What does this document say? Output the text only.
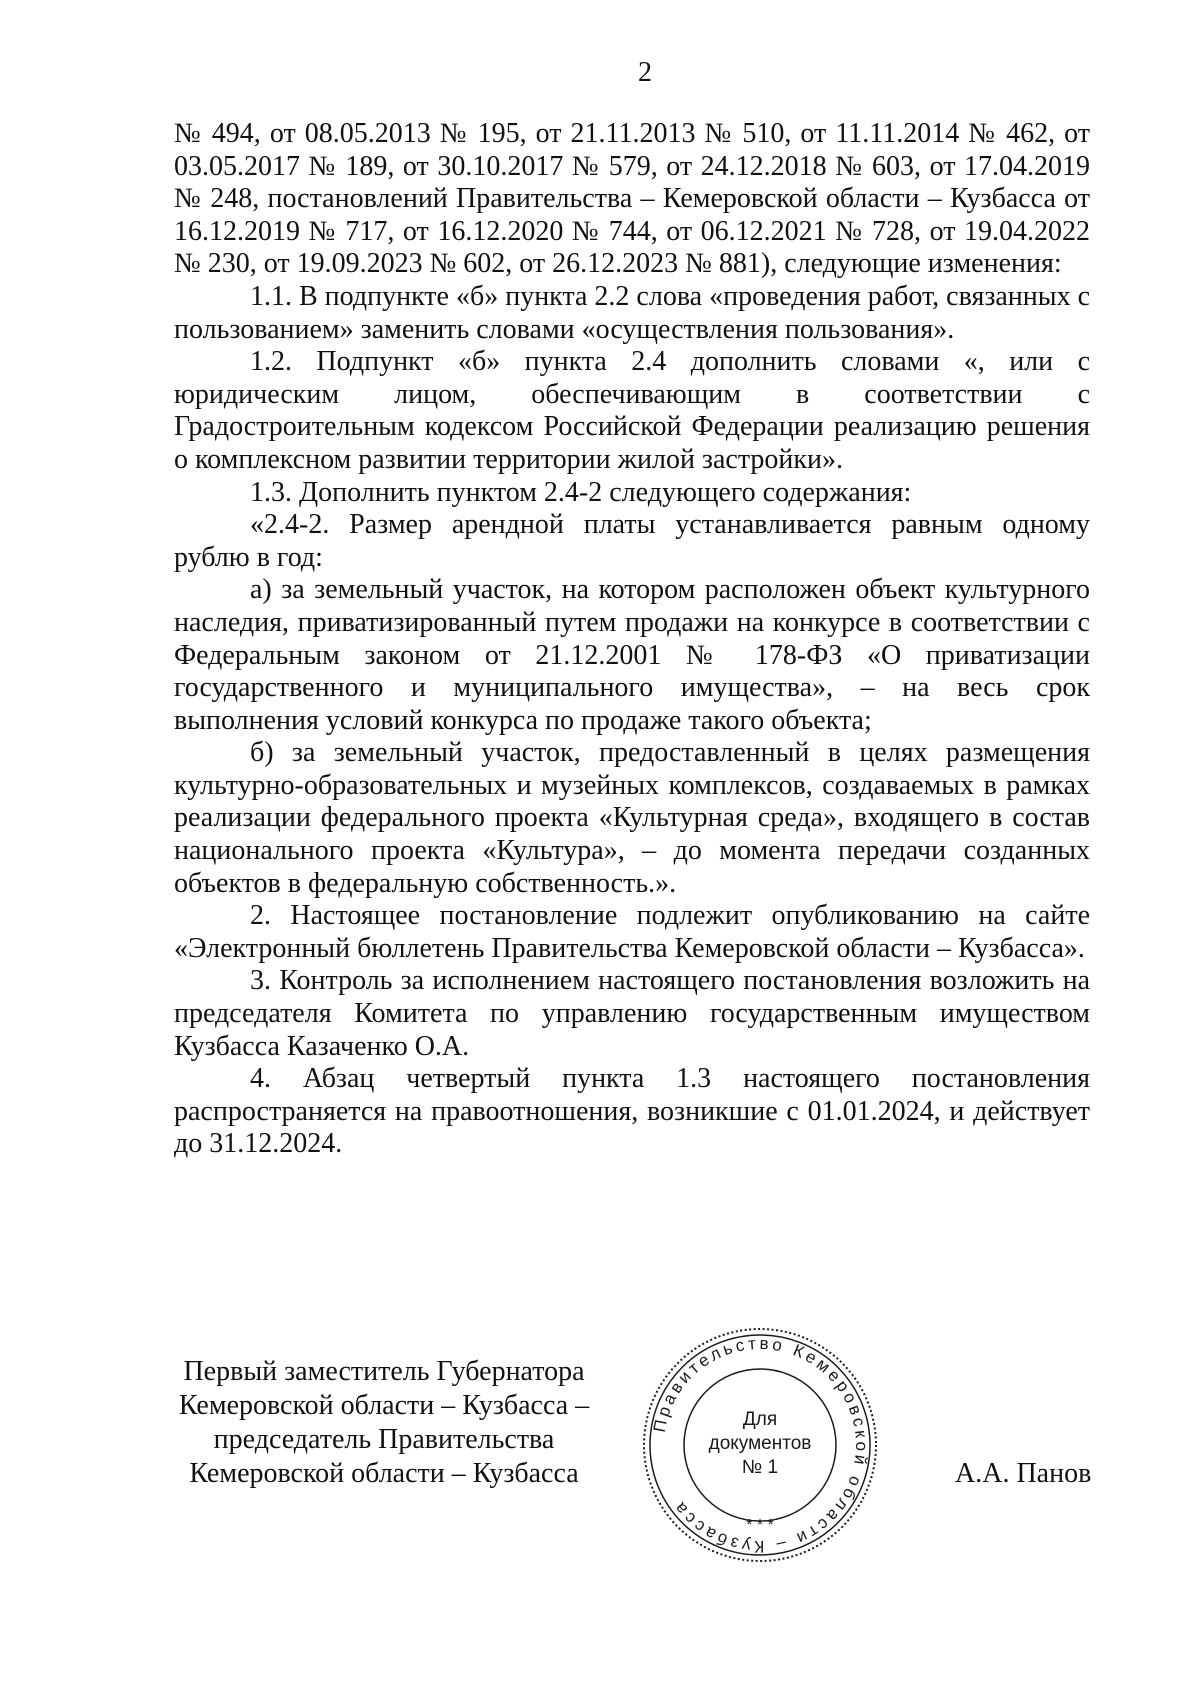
2

№ 494, от 08.05.2013 № 195, от 21.11.2013 № 510, от 11.11.2014 № 462, от 03.05.2017 № 189, от 30.10.2017 № 579, от 24.12.2018 № 603, от 17.04.2019 № 248, постановлений Правительства – Кемеровской области – Кузбасса от 16.12.2019 № 717, от 16.12.2020 № 744, от 06.12.2021 № 728, от 19.04.2022 № 230, от 19.09.2023 № 602, от 26.12.2023 № 881), следующие изменения:

1.1. В подпункте «б» пункта 2.2 слова «проведения работ, связанных с пользованием» заменить словами «осуществления пользования».

1.2. Подпункт «б» пункта 2.4 дополнить словами «, или с юридическим лицом, обеспечивающим в соответствии с Градостроительным кодексом Российской Федерации реализацию решения о комплексном развитии территории жилой застройки».

1.3. Дополнить пунктом 2.4-2 следующего содержания:

«2.4-2. Размер арендной платы устанавливается равным одному рублю в год:

а) за земельный участок, на котором расположен объект культурного наследия, приватизированный путем продажи на конкурсе в соответствии с Федеральным законом от 21.12.2001 № 178-ФЗ «О приватизации государственного и муниципального имущества», – на весь срок выполнения условий конкурса по продаже такого объекта;

б) за земельный участок, предоставленный в целях размещения культурно-образовательных и музейных комплексов, создаваемых в рамках реализации федерального проекта «Культурная среда», входящего в состав национального проекта «Культура», – до момента передачи созданных объектов в федеральную собственность.».

2. Настоящее постановление подлежит опубликованию на сайте «Электронный бюллетень Правительства Кемеровской области – Кузбасса».

3. Контроль за исполнением настоящего постановления возложить на председателя Комитета по управлению государственным имуществом Кузбасса Казаченко О.А.

4. Абзац четвертый пункта 1.3 настоящего постановления распространяется на правоотношения, возникшие с 01.01.2024, и действует до 31.12.2024.

Первый заместитель Губернатора
Кемеровской области – Кузбасса –
председатель Правительства
Кемеровской области – Кузбасса	А.А. Панов
Правительство Кемеровской области – Кузбасса
* * *
Для
документов
№ 1
